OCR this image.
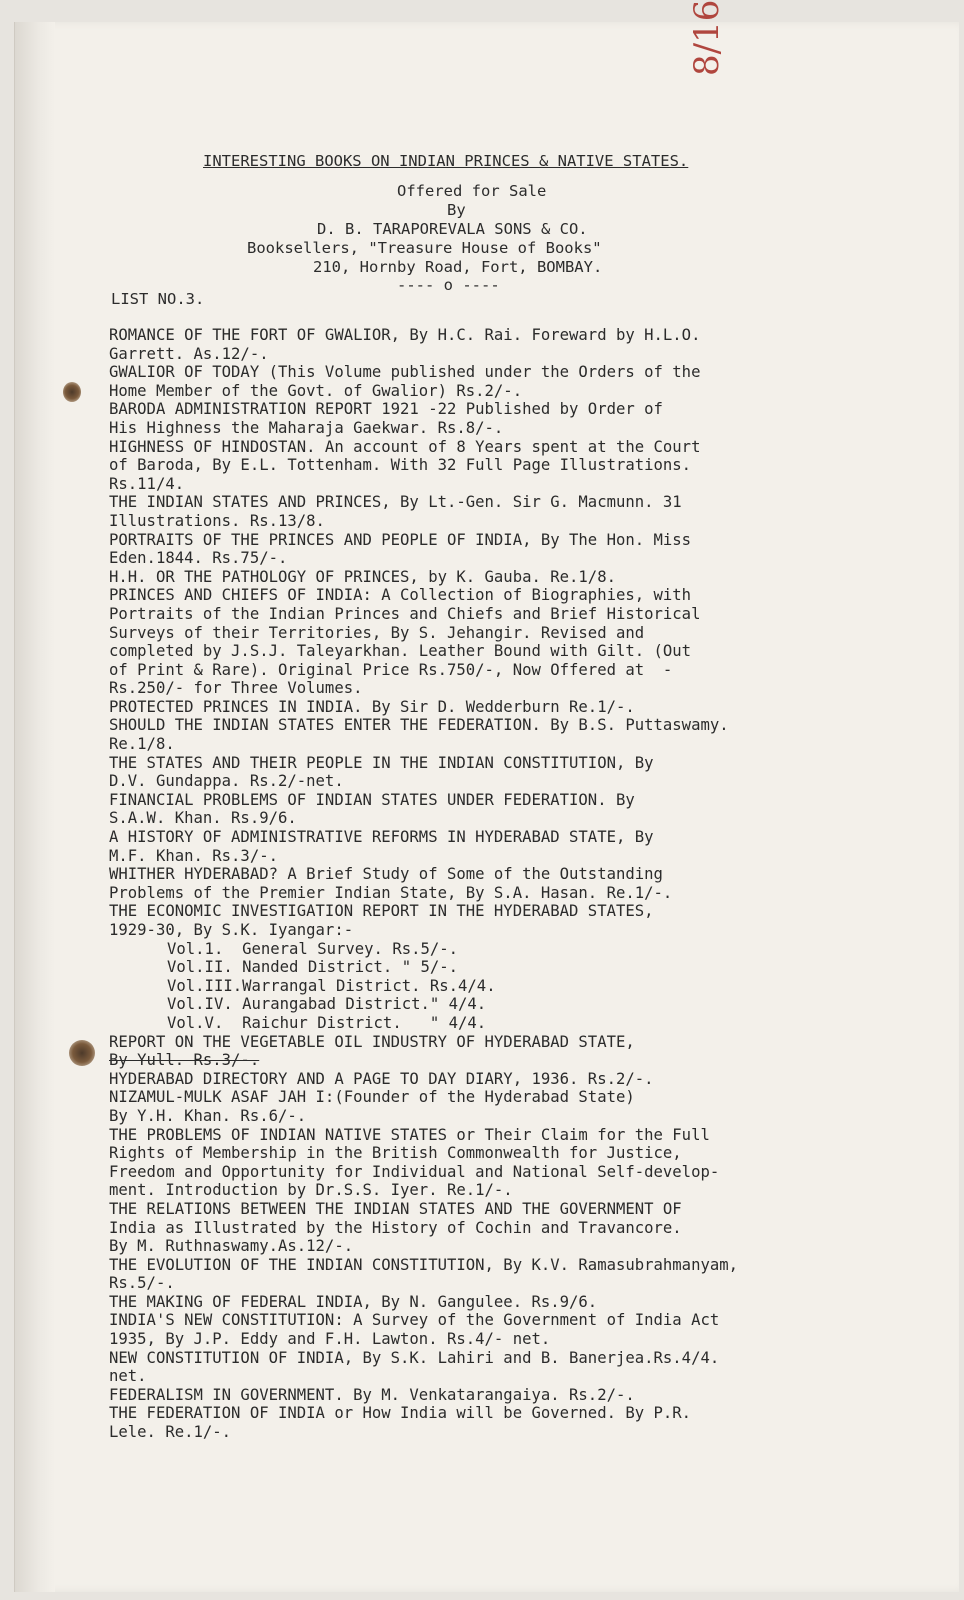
8/16
INTERESTING BOOKS ON INDIAN PRINCES & NATIVE STATES.
Offered for Sale
By
D. B. TARAPOREVALA SONS & CO.
Booksellers, "Treasure House of Books"
210, Hornby Road, Fort, BOMBAY.
---- o ----
LIST NO.3.
ROMANCE OF THE FORT OF GWALIOR, By H.C. Rai. Foreward by H.L.O.
Garrett. As.12/-.
GWALIOR OF TODAY (This Volume published under the Orders of the
Home Member of the Govt. of Gwalior) Rs.2/-.
BARODA ADMINISTRATION REPORT 1921 -22 Published by Order of
His Highness the Maharaja Gaekwar. Rs.8/-.
HIGHNESS OF HINDOSTAN. An account of 8 Years spent at the Court
of Baroda, By E.L. Tottenham. With 32 Full Page Illustrations.
Rs.11/4.
THE INDIAN STATES AND PRINCES, By Lt.-Gen. Sir G. Macmunn. 31
Illustrations. Rs.13/8.
PORTRAITS OF THE PRINCES AND PEOPLE OF INDIA, By The Hon. Miss
Eden.1844. Rs.75/-.
H.H. OR THE PATHOLOGY OF PRINCES, by K. Gauba. Re.1/8.
PRINCES AND CHIEFS OF INDIA: A Collection of Biographies, with
Portraits of the Indian Princes and Chiefs and Brief Historical
Surveys of their Territories, By S. Jehangir. Revised and
completed by J.S.J. Taleyarkhan. Leather Bound with Gilt. (Out
of Print & Rare). Original Price Rs.750/-, Now Offered at  -
Rs.250/- for Three Volumes.
PROTECTED PRINCES IN INDIA. By Sir D. Wedderburn Re.1/-.
SHOULD THE INDIAN STATES ENTER THE FEDERATION. By B.S. Puttaswamy.
Re.1/8.
THE STATES AND THEIR PEOPLE IN THE INDIAN CONSTITUTION, By
D.V. Gundappa. Rs.2/-net.
FINANCIAL PROBLEMS OF INDIAN STATES UNDER FEDERATION. By
S.A.W. Khan. Rs.9/6.
A HISTORY OF ADMINISTRATIVE REFORMS IN HYDERABAD STATE, By
M.F. Khan. Rs.3/-.
WHITHER HYDERABAD? A Brief Study of Some of the Outstanding
Problems of the Premier Indian State, By S.A. Hasan. Re.1/-.
THE ECONOMIC INVESTIGATION REPORT IN THE HYDERABAD STATES,
1929-30, By S.K. Iyangar:-
Vol.1.  General Survey. Rs.5/-.
Vol.II. Nanded District. " 5/-.
Vol.III.Warrangal District. Rs.4/4.
Vol.IV. Aurangabad District." 4/4.
Vol.V.  Raichur District.   " 4/4.
REPORT ON THE VEGETABLE OIL INDUSTRY OF HYDERABAD STATE,
By Yull. Rs.3/-.
HYDERABAD DIRECTORY AND A PAGE TO DAY DIARY, 1936. Rs.2/-.
NIZAMUL-MULK ASAF JAH I:(Founder of the Hyderabad State)
By Y.H. Khan. Rs.6/-.
THE PROBLEMS OF INDIAN NATIVE STATES or Their Claim for the Full
Rights of Membership in the British Commonwealth for Justice,
Freedom and Opportunity for Individual and National Self-develop-
ment. Introduction by Dr.S.S. Iyer. Re.1/-.
THE RELATIONS BETWEEN THE INDIAN STATES AND THE GOVERNMENT OF
India as Illustrated by the History of Cochin and Travancore.
By M. Ruthnaswamy.As.12/-.
THE EVOLUTION OF THE INDIAN CONSTITUTION, By K.V. Ramasubrahmanyam,
Rs.5/-.
THE MAKING OF FEDERAL INDIA, By N. Gangulee. Rs.9/6.
INDIA'S NEW CONSTITUTION: A Survey of the Government of India Act
1935, By J.P. Eddy and F.H. Lawton. Rs.4/- net.
NEW CONSTITUTION OF INDIA, By S.K. Lahiri and B. Banerjea.Rs.4/4.
net.
FEDERALISM IN GOVERNMENT. By M. Venkatarangaiya. Rs.2/-.
THE FEDERATION OF INDIA or How India will be Governed. By P.R.
Lele. Re.1/-.
